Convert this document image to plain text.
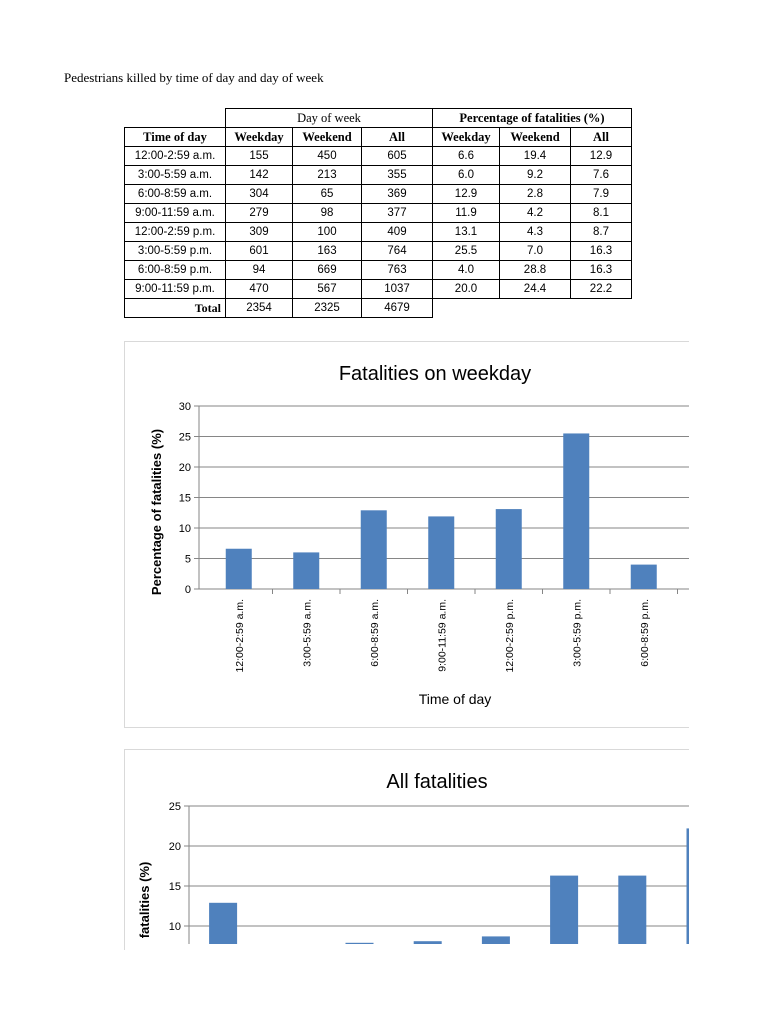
Pedestrians killed by time of day and day of week
	Day of week			Percentage of fatalities (%)		
Time of day	Weekday	Weekend	All	Weekday	Weekend	All
12:00-2:59 a.m.	155	450	605	6.6	19.4	12.9
3:00-5:59 a.m.	142	213	355	6.0	9.2	7.6
6:00-8:59 a.m.	304	65	369	12.9	2.8	7.9
9:00-11:59 a.m.	279	98	377	11.9	4.2	8.1
12:00-2:59 p.m.	309	100	409	13.1	4.3	8.7
3:00-5:59 p.m.	601	163	764	25.5	7.0	16.3
6:00-8:59 p.m.	94	669	763	4.0	28.8	16.3
9:00-11:59 p.m.	470	567	1037	20.0	24.4	22.2
Total	2354	2325	4679			
Fatalities on weekday
0
5
10
15
20
25
30
12:00-2:59 a.m.	3:00-5:59 a.m.	6:00-8:59 a.m.	9:00-11:59 a.m.	12:00-2:59 p.m.	3:00-5:59 p.m.	6:00-8:59 p.m.
Percentage of fatalities (%)
Time of day
All fatalities
10
15
20
25
fatalities (%)
